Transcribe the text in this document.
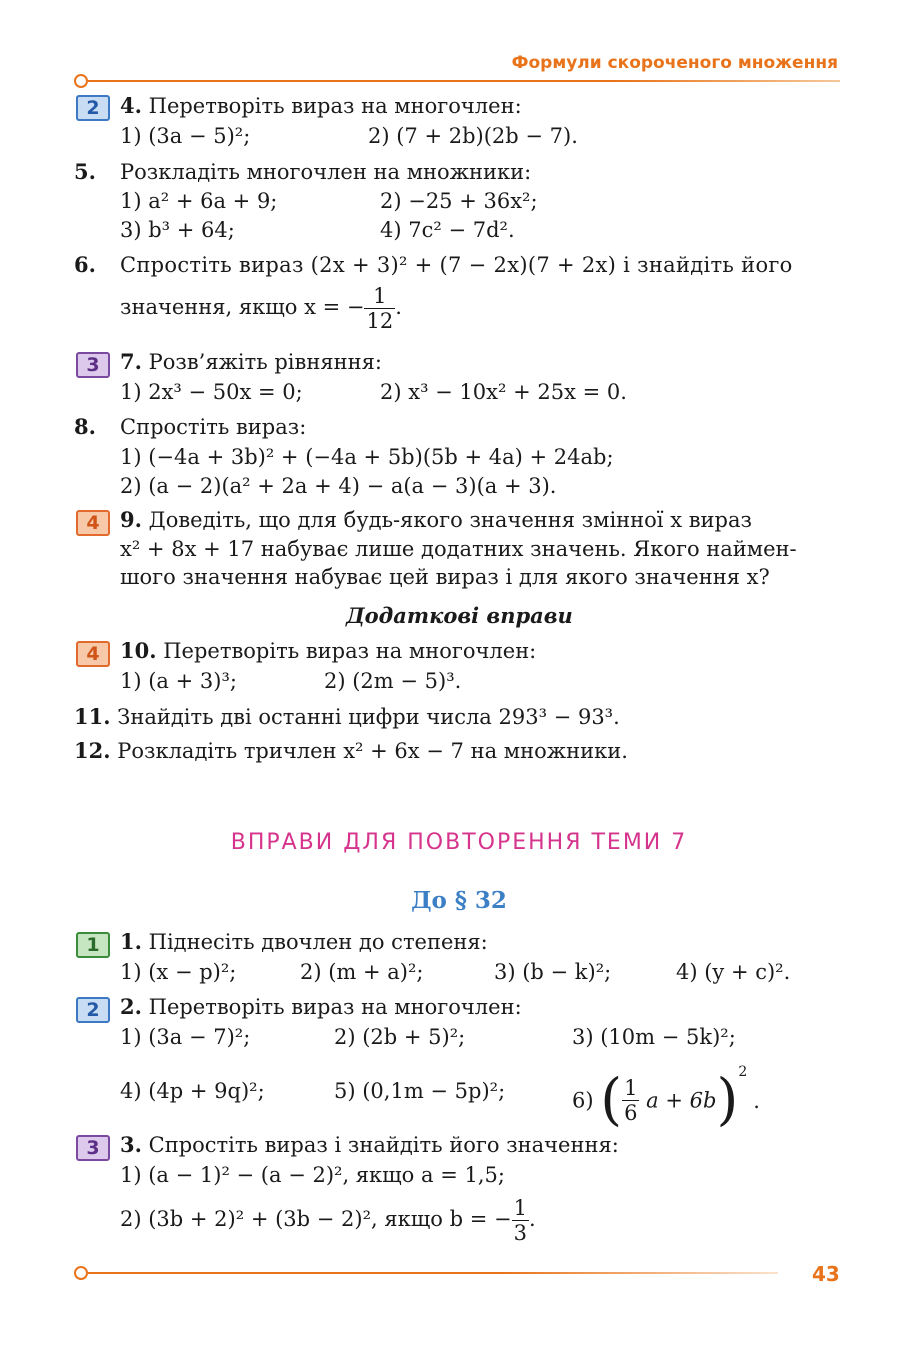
Формули скороченого множення
2 4. Перетворіть вираз на многочлен:
1) (3a − 5)²;	2) (7 + 2b)(2b − 7).
5. Розкладіть многочлен на множники:
1) a² + 6a + 9;	2) −25 + 36x²;
3) b³ + 64;	4) 7c² − 7d².
6. Спростіть вираз (2x + 3)² + (7 − 2x)(7 + 2x) і знайдіть його
значення, якщо x = − $\frac{1}{12}$ .
3 7. Розв’яжіть рівняння:
1) 2x³ − 50x = 0;	2) x³ − 10x² + 25x = 0.
8. Спростіть вираз:
1) (−4a + 3b)² + (−4a + 5b)(5b + 4a) + 24ab;
2) (a − 2)(a² + 2a + 4) − a(a − 3)(a + 3).
4 9. Доведіть, що для будь-якого значення змінної x вираз
x² + 8x + 17 набуває лише додатних значень. Якого наймен-
шого значення набуває цей вираз і для якого значення x?
Додаткові вправи
4 10. Перетворіть вираз на многочлен:
1) (a + 3)³;	2) (2m − 5)³.
11. Знайдіть дві останні цифри числа 293³ − 93³.
12. Розкладіть тричлен x² + 6x − 7 на множники.
ВПРАВИ ДЛЯ ПОВТОРЕННЯ ТЕМИ 7
До § 32
1 1. Піднесіть двочлен до степеня:
1) (x − p)²;	2) (m + a)²;	3) (b − k)²;	4) (y + c)².
2 2. Перетворіть вираз на многочлен:
1) (3a − 7)²;	2) (2b + 5)²;	3) (10m − 5k)²;
4) (4p + 9q)²;	5) (0,1m − 5p)²;	6) ( $\frac{1}{6}$ a + 6b)$^2$.
3 3. Спростіть вираз і знайдіть його значення:
1) (a − 1)² − (a − 2)², якщо a = 1,5;
2) (3b + 2)² + (3b − 2)², якщо b = − $\frac{1}{3}$ .
43
